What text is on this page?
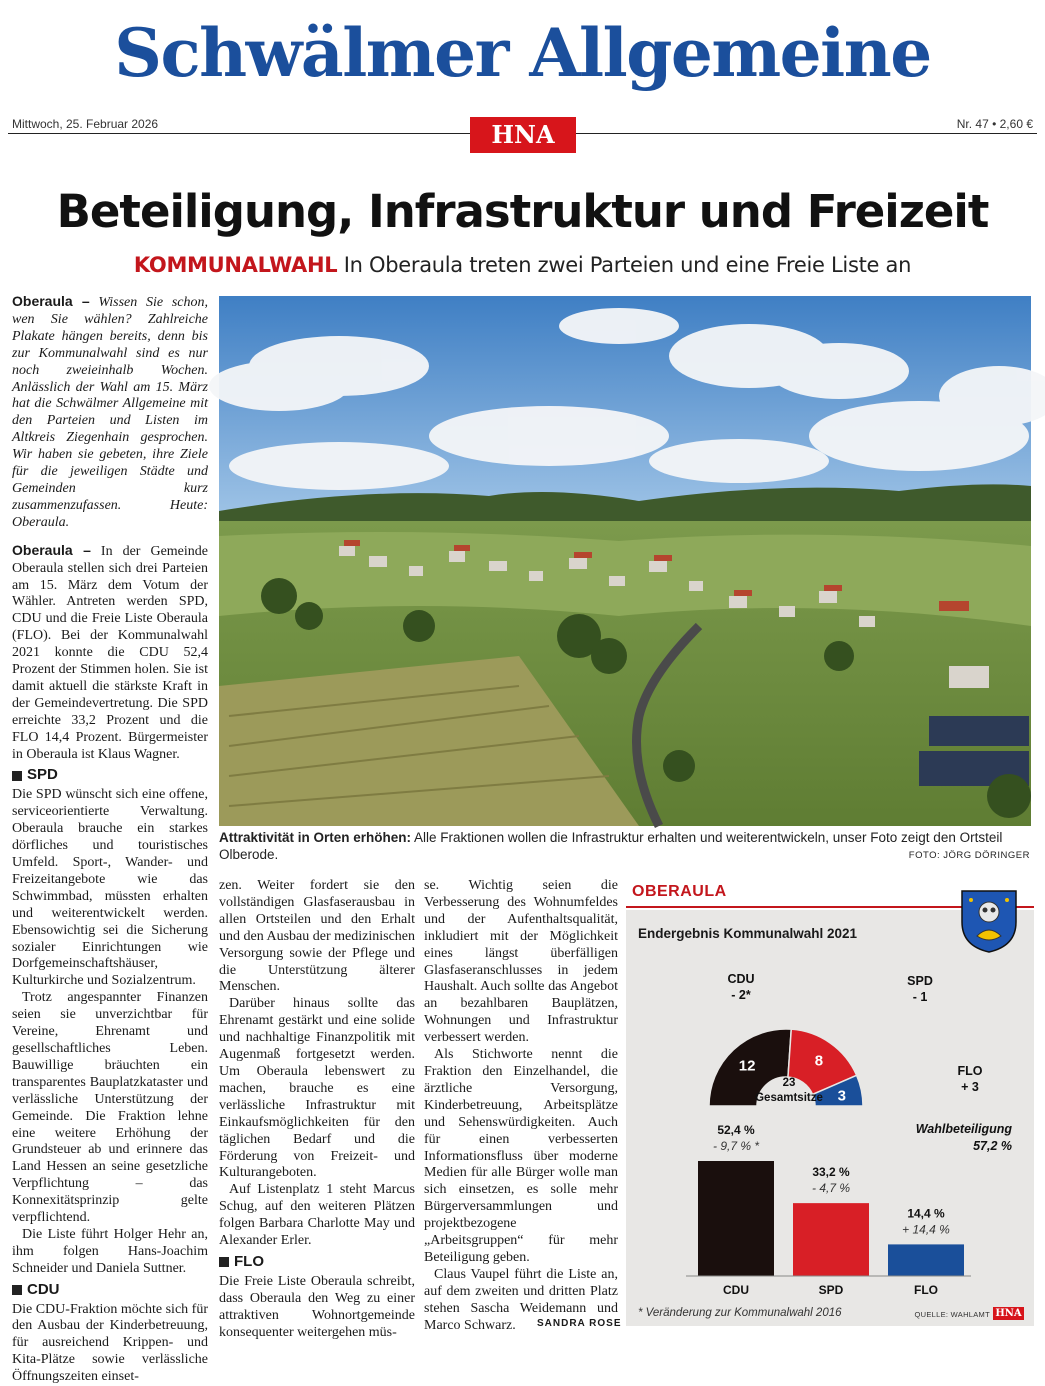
Schwälmer Allgemeine
Mittwoch, 25. Februar 2026	HNA	Nr. 47 • 2,60 €
Beteiligung, Infrastruktur und Freizeit
KOMMUNALWAHL In Oberaula treten zwei Parteien und eine Freie Liste an

Oberaula – Wissen Sie schon, wen Sie wählen? Zahlreiche Plakate hängen bereits, denn bis zur Kommunalwahl sind es nur noch zweieinhalb Wochen. Anlässlich der Wahl am 15. März hat die Schwälmer Allgemeine mit den Parteien und Listen im Altkreis Ziegenhain gesprochen. Wir haben sie gebeten, ihre Ziele für die jeweiligen Städte und Gemeinden kurz zusammenzufassen. Heute: Oberaula.

Oberaula – In der Gemeinde Oberaula stellen sich drei Parteien am 15. März dem Votum der Wähler. Antreten werden SPD, CDU und die Freie Liste Oberaula (FLO). Bei der Kommunalwahl 2021 konnte die CDU 52,4 Prozent der Stimmen holen. Sie ist damit aktuell die stärkste Kraft in der Gemeindevertretung. Die SPD erreichte 33,2 Prozent und die FLO 14,4 Prozent. Bürgermeister in Oberaula ist Klaus Wagner.

SPD

Die SPD wünscht sich eine offene, serviceorientierte Verwaltung. Oberaula brauche ein starkes dörfliches und touristisches Umfeld. Sport-, Wander- und Freizeitangebote wie das Schwimmbad, müssten erhalten und weiterentwickelt werden. Ebensowichtig sei die Sicherung sozialer Einrichtungen wie Dorfgemeinschaftshäuser, Kulturkirche und Sozialzentrum.

Trotz angespannter Finanzen seien sie unverzichtbar für Vereine, Ehrenamt und gesellschaftliches Leben. Bauwillige bräuchten ein transparentes Bauplatzkataster und verlässliche Unterstützung der Gemeinde. Die Fraktion lehne eine weitere Erhöhung der Grundsteuer ab und erinnere das Land Hessen an seine gesetzliche Verpflichtung – das Konnexitätsprinzip gelte verpflichtend.

Die Liste führt Holger Hehr an, ihm folgen Hans-Joachim Schneider und Daniela Suttner.

CDU

Die CDU-Fraktion möchte sich für den Ausbau der Kinderbetreuung, für ausreichend Krippen- und Kita-Plätze sowie verlässliche Öffnungszeiten einset-

Attraktivität in Orten erhöhen: Alle Fraktionen wollen die Infrastruktur erhalten und weiterentwickeln, unser Foto zeigt den Ortsteil Olberode.	FOTO: JÖRG DÖRINGER

zen. Weiter fordert sie den vollständigen Glasfaserausbau in allen Ortsteilen und den Erhalt und den Ausbau der medizinischen Versorgung sowie der Pflege und die Unterstützung älterer Menschen.

Darüber hinaus sollte das Ehrenamt gestärkt und eine solide und nachhaltige Finanzpolitik mit Augenmaß fortgesetzt werden. Um Oberaula lebenswert zu machen, brauche es eine verlässliche Infrastruktur mit Einkaufsmöglichkeiten für den täglichen Bedarf und die Förderung von Freizeit- und Kulturangeboten.

Auf Listenplatz 1 steht Marcus Schug, auf den weiteren Plätzen folgen Barbara Charlotte May und Alexander Erler.

FLO

Die Freie Liste Oberaula schreibt, dass Oberaula den Weg zu einer attraktiven Wohnortgemeinde konsequenter weitergehen müs-

se. Wichtig seien die Verbesserung des Wohnumfeldes und der Aufenthaltsqualität, inkludiert mit der Möglichkeit eines längst überfälligen Glasfaseranschlusses in jedem Haushalt. Auch sollte das Angebot an bezahlbaren Bauplätzen, Wohnungen und Infrastruktur verbessert werden.

Als Stichworte nennt die Fraktion den Einzelhandel, die ärztliche Versorgung, Kinderbetreuung, Arbeitsplätze und Sehenswürdigkeiten. Auch für einen verbesserten Informationsfluss über moderne Medien für alle Bürger wolle man sich einsetzen, es solle mehr Bürgerversammlungen und projektbezogene „Arbeitsgruppen“ für mehr Beteiligung geben.

Claus Vaupel führt die Liste an, auf dem zweiten und dritten Platz stehen Sascha Weidemann und Marco Schwarz.	SANDRA ROSE
OBERAULA
Endergebnis Kommunalwahl 2021
12	8
3
CDU
- 2*
SPD
- 1
FLO
+ 3
23
Gesamtsitze
Wahlbeteiligung
57,2 %
52,4 %
- 9,7 % *
CDU
33,2 %
- 4,7 %
SPD
14,4 %
+ 14,4 %
FLO
* Veränderung zur Kommunalwahl 2016	QUELLE: WAHLAMT HNA
